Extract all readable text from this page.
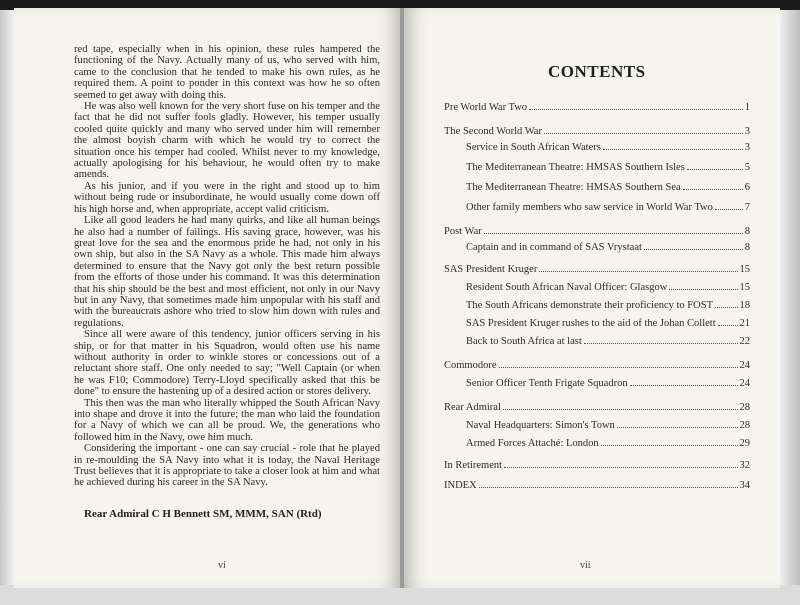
red tape, especially when in his opinion, these rules hampered the functioning of the Navy. Actually many of us, who served with him, came to the conclusion that he tended to make his own rules, as he required them. A point to ponder in this context was how he so often seemed to get away with doing this.

He was also well known for the very short fuse on his temper and the fact that he did not suffer fools gladly. However, his temper usually cooled quite quickly and many who served under him will remember the almost boyish charm with which he would try to correct the situation once his temper had cooled. Whilst never to my knowledge, actually apologising for his behaviour, he would often try to make amends.

As his junior, and if you were in the right and stood up to him without being rude or insubordinate, he would usually come down off his high horse and, when appropriate, accept valid criticism.

Like all good leaders he had many quirks, and like all human beings he also had a number of failings. His saving grace, however, was his great love for the sea and the enormous pride he had, not only in his own ship, but also in the SA Navy as a whole. This made him always determined to ensure that the Navy got only the best return possible from the efforts of those under his command. It was this determination that his ship should be the best and most efficient, not only in our Navy but in any Navy, that sometimes made him unpopular with his staff and with the bureaucrats ashore who tried to slow him down with rules and regulations.

Since all were aware of this tendency, junior officers serving in his ship, or for that matter in his Squadron, would often use his name without authority in order to winkle stores or concessions out of a reluctant shore staff. One only needed to say; "Well Captain (or when he was F10; Commodore) Terry-Lloyd specifically asked that this be done" to ensure the hastening up of a desired action or stores delivery.

This then was the man who literally whipped the South African Navy into shape and drove it into the future; the man who laid the foundation for a Navy of which we can all be proud. We, the generations who followed him in the Navy, owe him much.

Considering the important - one can say crucial - role that he played in re-moulding the SA Navy into what it is today, the Naval Heritage Trust believes that it is appropriate to take a closer look at him and what he achieved during his career in the SA Navy.

Rear Admiral C H Bennett SM, MMM, SAN (Rtd)
vi
CONTENTS
Pre World War Two	1
The Second World War	3
Service in South African Waters	3
The Mediterranean Theatre: HMSAS Southern Isles	5
The Mediterranean Theatre: HMSAS Southern Sea	6
Other family members who saw service in World War Two	7
Post War	8
Captain and in command of SAS Vrystaat	8
SAS President Kruger	15
Resident South African Naval Officer: Glasgow	15
The South Africans demonstrate their proficiency to FOST	18
SAS President Kruger rushes to the aid of the Johan Collett 21
Back to South Africa at last	22
Commodore	24
Senior Officer Tenth Frigate Squadron	24
Rear Admiral	28
Naval Headquarters: Simon's Town	28
Armed Forces Attaché: London	29
In Retirement	32
INDEX	34
vii
